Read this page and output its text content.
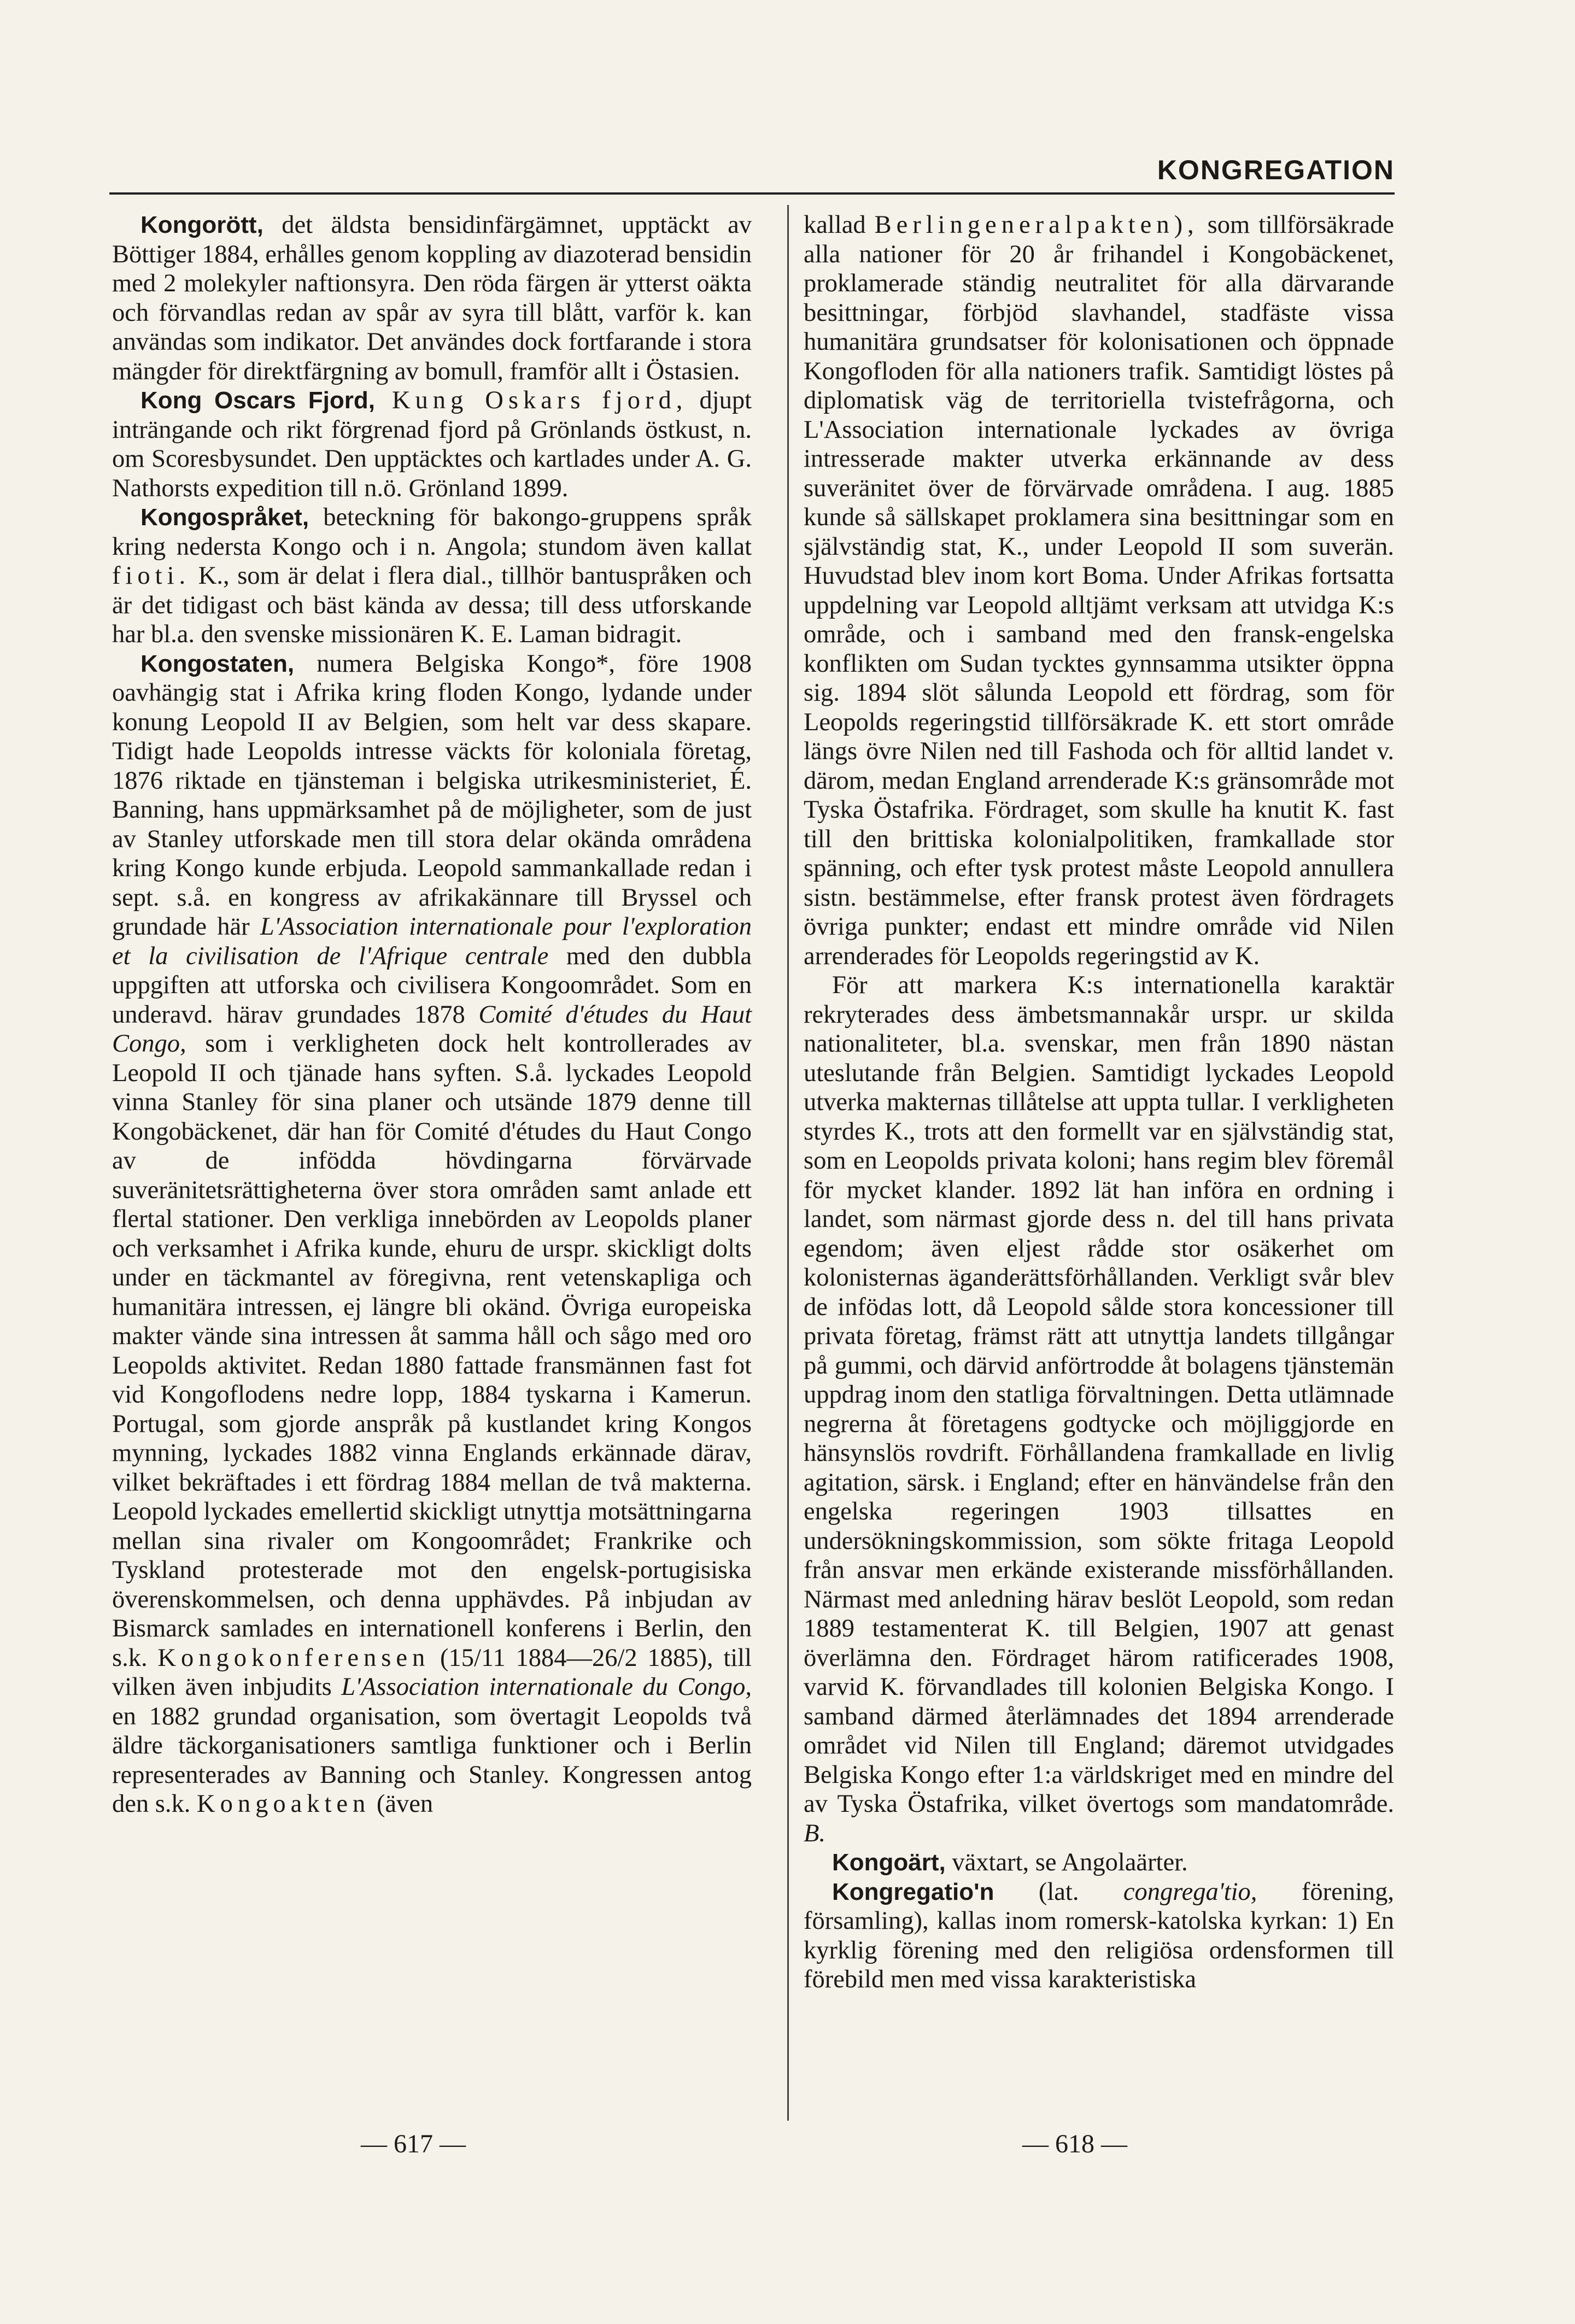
KONGREGATION

Kongorött, det äldsta bensidinfärgämnet, upptäckt av Böttiger 1884, erhålles genom koppling av diazoterad bensidin med 2 molekyler naftionsyra. Den röda färgen är ytterst oäkta och förvandlas redan av spår av syra till blått, varför k. kan användas som indikator. Det användes dock fortfarande i stora mängder för direktfärgning av bomull, framför allt i Östasien.

Kong Oscars Fjord, Kung Oskars fjord, djupt inträngande och rikt förgrenad fjord på Grönlands östkust, n. om Scoresbysundet. Den upptäcktes och kartlades under A. G. Nathorsts expedition till n.ö. Grönland 1899.

Kongospråket, beteckning för bakongo-gruppens språk kring nedersta Kongo och i n. Angola; stundom även kallat fioti. K., som är delat i flera dial., tillhör bantuspråken och är det tidigast och bäst kända av dessa; till dess utforskande har bl.a. den svenske missionären K. E. Laman bidragit.

Kongostaten, numera Belgiska Kongo*, före 1908 oavhängig stat i Afrika kring floden Kongo, lydande under konung Leopold II av Belgien, som helt var dess skapare. Tidigt hade Leopolds intresse väckts för koloniala företag, 1876 riktade en tjänsteman i belgiska utrikesministeriet, É. Banning, hans uppmärksamhet på de möjligheter, som de just av Stanley utforskade men till stora delar okända områdena kring Kongo kunde erbjuda. Leopold sammankallade redan i sept. s.å. en kongress av afrikakännare till Bryssel och grundade här L'Association internationale pour l'exploration et la civilisation de l'Afrique centrale med den dubbla uppgiften att utforska och civilisera Kongoområdet. Som en underavd. härav grundades 1878 Comité d'études du Haut Congo, som i verkligheten dock helt kontrollerades av Leopold II och tjänade hans syften. S.å. lyckades Leopold vinna Stanley för sina planer och utsände 1879 denne till Kongobäckenet, där han för Comité d'études du Haut Congo av de infödda hövdingarna förvärvade suveränitetsrättigheterna över stora områden samt anlade ett flertal stationer. Den verkliga innebörden av Leopolds planer och verksamhet i Afrika kunde, ehuru de urspr. skickligt dolts under en täckmantel av föregivna, rent vetenskapliga och humanitära intressen, ej längre bli okänd. Övriga europeiska makter vände sina intressen åt samma håll och sågo med oro Leopolds aktivitet. Redan 1880 fattade fransmännen fast fot vid Kongoflodens nedre lopp, 1884 tyskarna i Kamerun. Portugal, som gjorde anspråk på kustlandet kring Kongos mynning, lyckades 1882 vinna Englands erkännade därav, vilket bekräftades i ett fördrag 1884 mellan de två makterna. Leopold lyckades emellertid skickligt utnyttja motsättningarna mellan sina rivaler om Kongoområdet; Frankrike och Tyskland protesterade mot den engelsk-portugisiska överenskommelsen, och denna upphävdes. På inbjudan av Bismarck samlades en internationell konferens i Berlin, den s.k. Kongokonferensen (15/11 1884—26/2 1885), till vilken även inbjudits L'Association internationale du Congo, en 1882 grundad organisation, som övertagit Leopolds två äldre täckorganisationers samtliga funktioner och i Berlin representerades av Banning och Stanley. Kongressen antog den s.k. Kongoakten (även

kallad Berlingeneralpakten), som tillförsäkrade alla nationer för 20 år frihandel i Kongobäckenet, proklamerade ständig neutralitet för alla därvarande besittningar, förbjöd slavhandel, stadfäste vissa humanitära grundsatser för kolonisationen och öppnade Kongofloden för alla nationers trafik. Samtidigt löstes på diplomatisk väg de territoriella tvistefrågorna, och L'Association internationale lyckades av övriga intresserade makter utverka erkännande av dess suveränitet över de förvärvade områdena. I aug. 1885 kunde så sällskapet proklamera sina besittningar som en självständig stat, K., under Leopold II som suverän. Huvudstad blev inom kort Boma. Under Afrikas fortsatta uppdelning var Leopold alltjämt verksam att utvidga K:s område, och i samband med den fransk-engelska konflikten om Sudan tycktes gynnsamma utsikter öppna sig. 1894 slöt sålunda Leopold ett fördrag, som för Leopolds regeringstid tillförsäkrade K. ett stort område längs övre Nilen ned till Fashoda och för alltid landet v. därom, medan England arrenderade K:s gränsområde mot Tyska Östafrika. Fördraget, som skulle ha knutit K. fast till den brittiska kolonialpolitiken, framkallade stor spänning, och efter tysk protest måste Leopold annullera sistn. bestämmelse, efter fransk protest även fördragets övriga punkter; endast ett mindre område vid Nilen arrenderades för Leopolds regeringstid av K.

För att markera K:s internationella karaktär rekryterades dess ämbetsmannakår urspr. ur skilda nationaliteter, bl.a. svenskar, men från 1890 nästan uteslutande från Belgien. Samtidigt lyckades Leopold utverka makternas tillåtelse att uppta tullar. I verkligheten styrdes K., trots att den formellt var en självständig stat, som en Leopolds privata koloni; hans regim blev föremål för mycket klander. 1892 lät han införa en ordning i landet, som närmast gjorde dess n. del till hans privata egendom; även eljest rådde stor osäkerhet om kolonisternas äganderättsförhållanden. Verkligt svår blev de infödas lott, då Leopold sålde stora koncessioner till privata företag, främst rätt att utnyttja landets tillgångar på gummi, och därvid anförtrodde åt bolagens tjänstemän uppdrag inom den statliga förvaltningen. Detta utlämnade negrerna åt företagens godtycke och möjliggjorde en hänsynslös rovdrift. Förhållandena framkallade en livlig agitation, särsk. i England; efter en hänvändelse från den engelska regeringen 1903 tillsattes en undersökningskommission, som sökte fritaga Leopold från ansvar men erkände existerande missförhållanden. Närmast med anledning härav beslöt Leopold, som redan 1889 testamenterat K. till Belgien, 1907 att genast överlämna den. Fördraget härom ratificerades 1908, varvid K. förvandlades till kolonien Belgiska Kongo. I samband därmed återlämnades det 1894 arrenderade området vid Nilen till England; däremot utvidgades Belgiska Kongo efter 1:a världskriget med en mindre del av Tyska Östafrika, vilket övertogs som mandatområde. B.

Kongoärt, växtart, se Angolaärter.

Kongregatio'n (lat. congrega'tio, förening, församling), kallas inom romersk-katolska kyrkan: 1) En kyrklig förening med den religiösa ordensformen till förebild men med vissa karakteristiska

— 617 —	— 618 —
